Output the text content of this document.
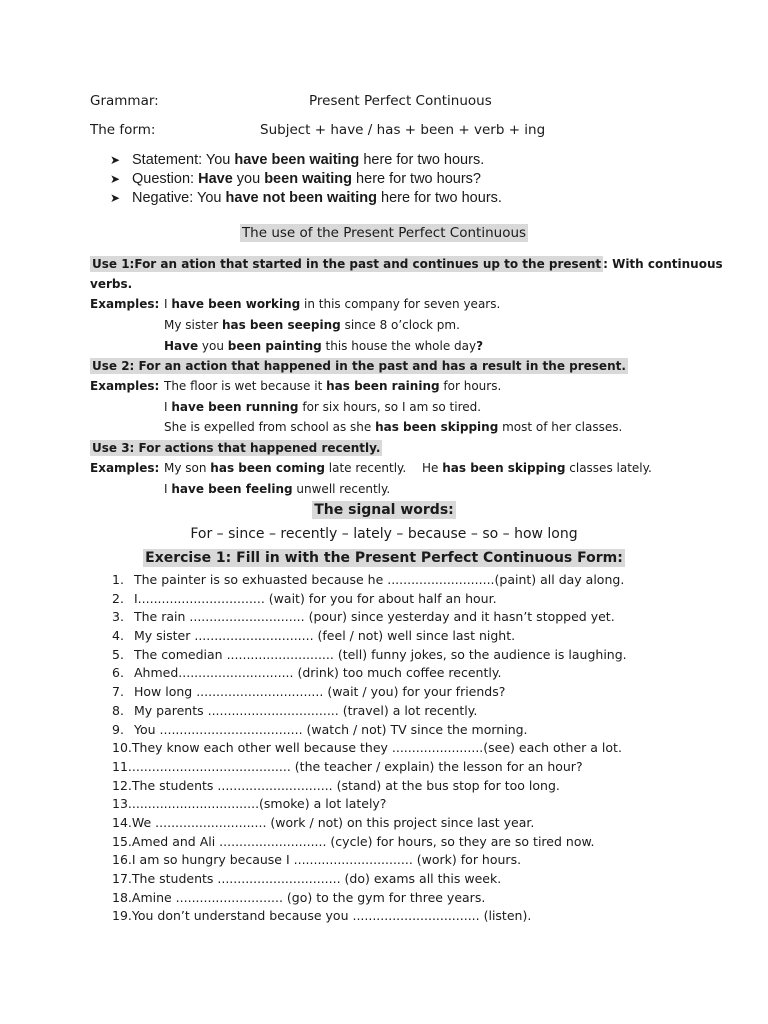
Grammar:	Present Perfect Continuous
The form:	Subject + have / has + been + verb + ing
➤ Statement: You have been waiting here for two hours.
➤ Question: Have you been waiting here for two hours?
➤ Negative: You have not been waiting here for two hours.
The use of the Present Perfect Continuous
Use 1:For an ation that started in the past and continues up to the present : With continuous
verbs.
Examples: I have been working in this company for seven years.
My sister has been seeping since 8 o’clock pm.
Have you been painting this house the whole day?
Use 2: For an action that happened in the past and has a result in the present.
Examples: The floor is wet because it has been raining for hours.
I have been running for six hours, so I am so tired.
She is expelled from school as she has been skipping most of her classes.
Use 3: For actions that happened recently.
Examples: My son has been coming late recently. He has been skipping classes lately.
I have been feeling unwell recently.
The signal words:
For – since – recently – lately – because – so – how long
Exercise 1: Fill in with the Present Perfect Continuous Form:
1. The painter is so exhuasted because he ...........................(paint) all day along.
2. I................................ (wait) for you for about half an hour.
3. The rain ............................. (pour) since yesterday and it hasn’t stopped yet.
4. My sister .............................. (feel / not) well since last night.
5. The comedian ........................... (tell) funny jokes, so the audience is laughing.
6. Ahmed............................. (drink) too much coffee recently.
7. How long ................................ (wait / you) for your friends?
8. My parents ................................. (travel) a lot recently.
9. You .................................... (watch / not) TV since the morning.
10.They know each other well because they .......................(see) each other a lot.
11......................................... (the teacher / explain) the lesson for an hour?
12.The students ............................. (stand) at the bus stop for too long.
13.................................(smoke) a lot lately?
14.We ............................ (work / not) on this project since last year.
15.Amed and Ali ........................... (cycle) for hours, so they are so tired now.
16.I am so hungry because I .............................. (work) for hours.
17.The students ............................... (do) exams all this week.
18.Amine ........................... (go) to the gym for three years.
19.You don’t understand because you ................................ (listen).
